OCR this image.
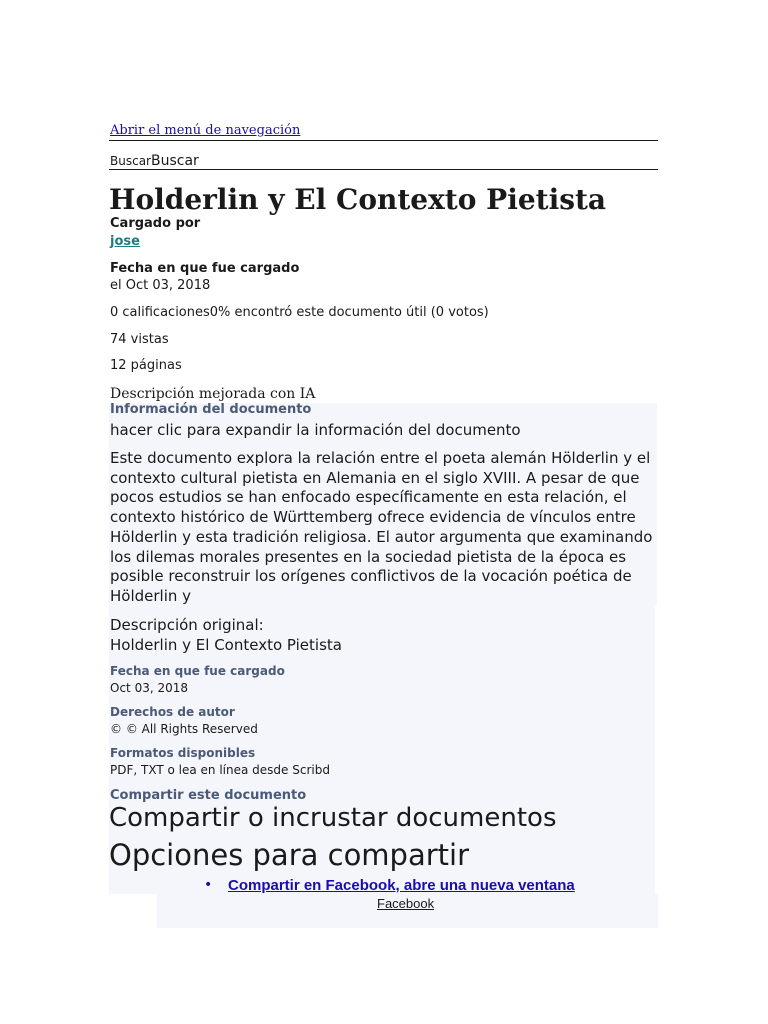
Abrir el menú de navegación
BuscarBuscar
Holderlin y El Contexto Pietista
Cargado por
jose
Fecha en que fue cargado
el Oct 03, 2018
0 calificaciones0% encontró este documento útil (0 votos)
74 vistas
12 páginas
Descripción mejorada con IA
Información del documento
hacer clic para expandir la información del documento
Este documento explora la relación entre el poeta alemán Hölderlin y el contexto cultural pietista en Alemania en el siglo XVIII. A pesar de que pocos estudios se han enfocado específicamente en esta relación, el contexto histórico de Württemberg ofrece evidencia de vínculos entre Hölderlin y esta tradición religiosa. El autor argumenta que examinando los dilemas morales presentes en la sociedad pietista de la época es posible reconstruir los orígenes conflictivos de la vocación poética de Hölderlin y
Descripción original:
Holderlin y El Contexto Pietista
Fecha en que fue cargado
Oct 03, 2018
Derechos de autor
© © All Rights Reserved
Formatos disponibles
PDF, TXT o lea en línea desde Scribd
Compartir este documento
Compartir o incrustar documentos
Opciones para compartir
• Compartir en Facebook, abre una nueva ventana
Facebook
